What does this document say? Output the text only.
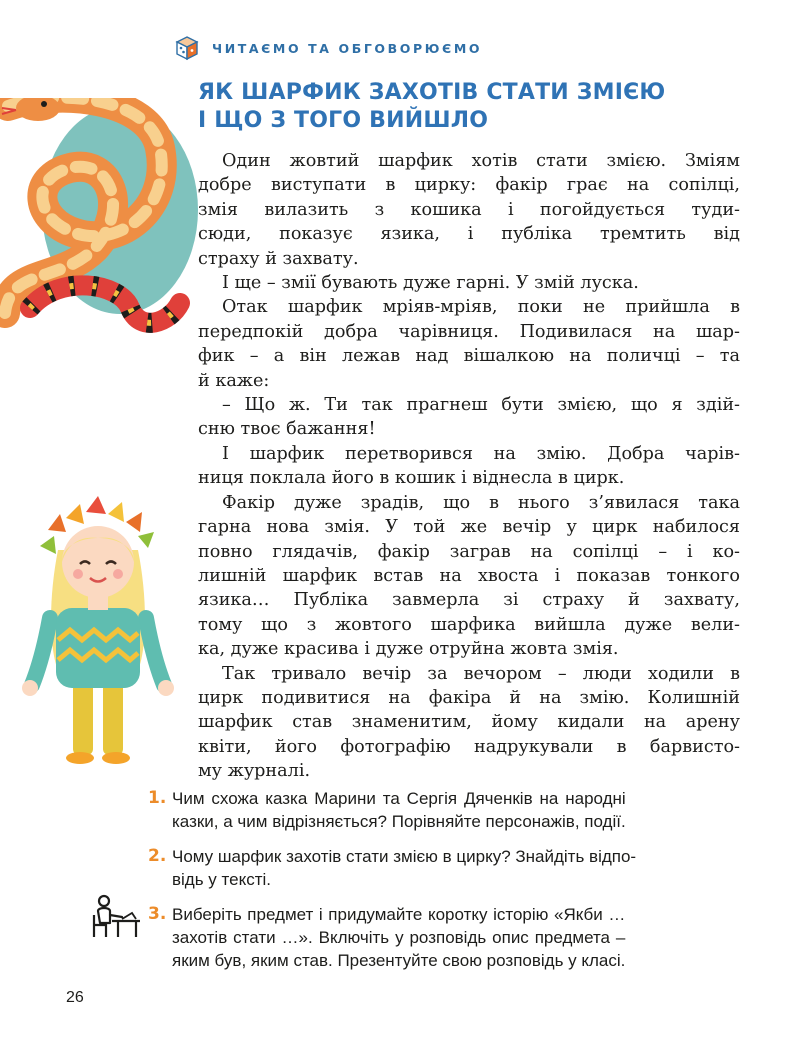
ЧИТАЄМО ТА ОБГОВОРЮЄМО
ЯК ШАРФИК ЗАХОТІВ СТАТИ ЗМІЄЮ
І ЩО З ТОГО ВИЙШЛО
Один жовтий шарфик хотів стати змією. Зміям
добре виступати в цирку: факір грає на сопілці,
змія вилазить з кошика і погойдується туди-
сюди, показує язика, і публіка тремтить від
страху й захвату.
І ще – змії бувають дуже гарні. У змій луска.
Отак шарфик мріяв-мріяв, поки не прийшла в
передпокій добра чарівниця. Подивилася на шар-
фик – а він лежав над вішалкою на поличці – та
й каже:
– Що ж. Ти так прагнеш бути змією, що я здій-
сню твоє бажання!
І шарфик перетворився на змію. Добра чарів-
ниця поклала його в кошик і віднесла в цирк.
Факір дуже зрадів, що в нього з’явилася така
гарна нова змія. У той же вечір у цирк набилося
повно глядачів, факір заграв на сопілці – і ко-
лишній шарфик встав на хвоста і показав тонкого
язика… Публіка завмерла зі страху й захвату,
тому що з жовтого шарфика вийшла дуже вели-
ка, дуже красива і дуже отруйна жовта змія.
Так тривало вечір за вечором – люди ходили в
цирк подивитися на факіра й на змію. Колишній
шарфик став знаменитим, йому кидали на арену
квіти, його фотографію надрукували в барвисто-
му журналі.
1. Чим схожа казка Марини та Сергія Дяченків на народні
казки, а чим відрізняється? Порівняйте персонажів, події.
2. Чому шарфик захотів стати змією в цирку? Знайдіть відпо-
відь у тексті.
3. Виберіть предмет і придумайте коротку історію «Якби …
захотів стати …». Включіть у розповідь опис предмета –
яким був, яким став. Презентуйте свою розповідь у класі.
26
